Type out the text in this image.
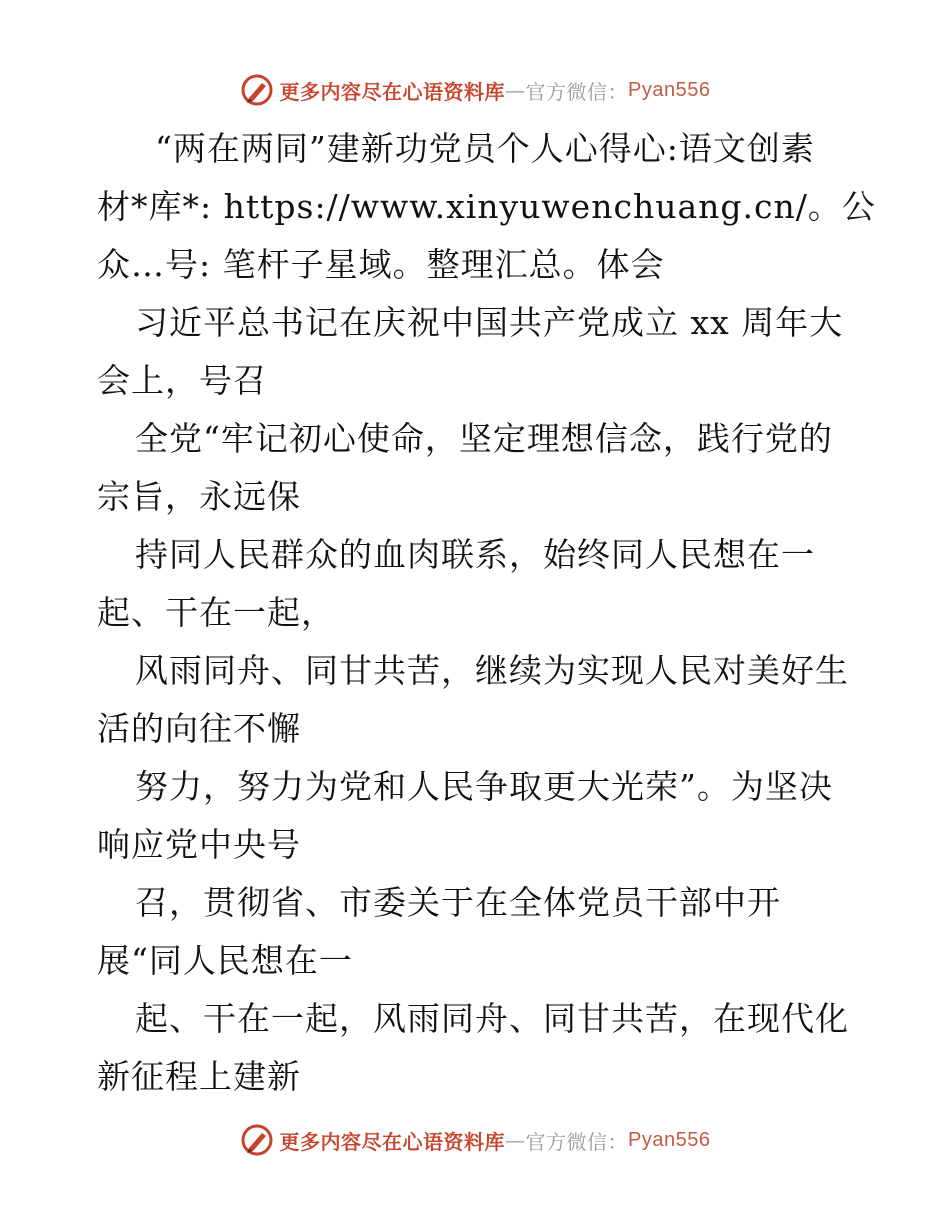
更多内容尽在心语资料库 — 官方微信： Pyan556
“两在两同”建新功党员个人心得心:语文创素
材*库*: https://www.xinyuwenchuang.cn/。公
众…号: 笔杆子星域。整理汇总。体会
习近平总书记在庆祝中国共产党成立 xx 周年大
会上，号召
全党“牢记初心使命，坚定理想信念，践行党的
宗旨，永远保
持同人民群众的血肉联系，始终同人民想在一
起、干在一起，
风雨同舟、同甘共苦，继续为实现人民对美好生
活的向往不懈
努力，努力为党和人民争取更大光荣”。为坚决
响应党中央号
召，贯彻省、市委关于在全体党员干部中开
展“同人民想在一
起、干在一起，风雨同舟、同甘共苦，在现代化
新征程上建新
更多内容尽在心语资料库 — 官方微信： Pyan556
